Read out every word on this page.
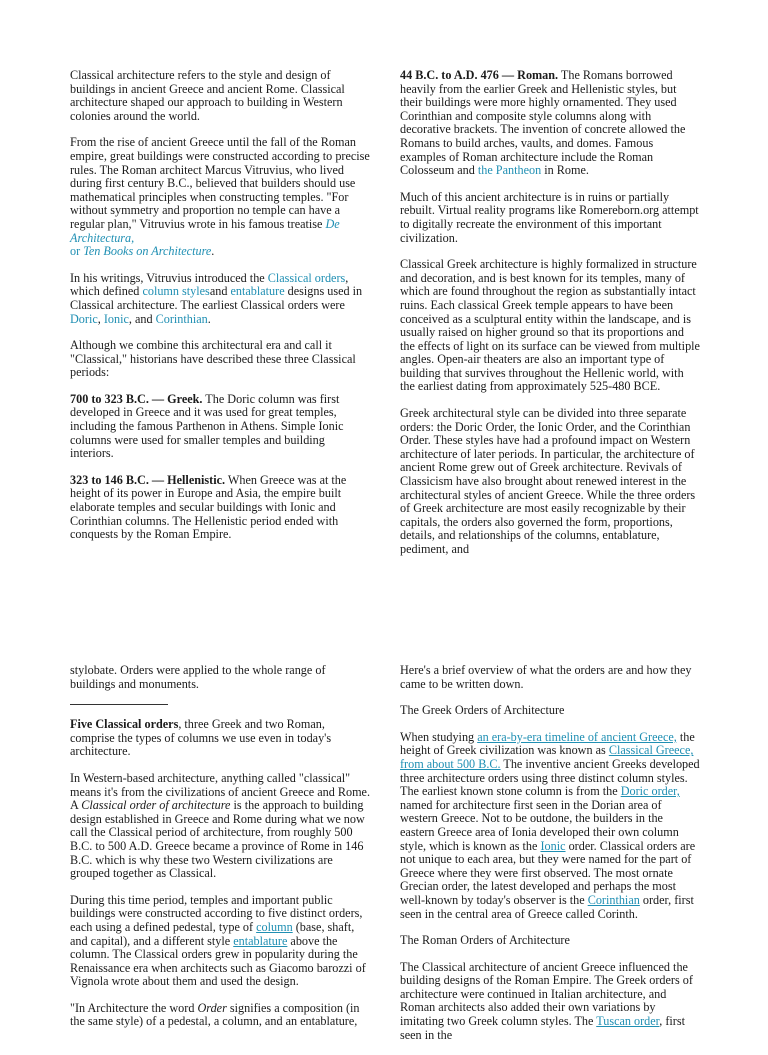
Classical architecture refers to the style and design of buildings in ancient Greece and ancient Rome. Classical architecture shaped our approach to building in Western colonies around the world.

From the rise of ancient Greece until the fall of the Roman empire, great buildings were constructed according to precise rules. The Roman architect Marcus Vitruvius, who lived during first century B.C., believed that builders should use mathematical principles when constructing temples. "For without symmetry and proportion no temple can have a regular plan," Vitruvius wrote in his famous treatise De Architectura,
or Ten Books on Architecture.

In his writings, Vitruvius introduced the Classical orders, which defined column stylesand entablature designs used in Classical architecture. The earliest Classical orders were Doric, Ionic, and Corinthian.

Although we combine this architectural era and call it "Classical," historians have described these three Classical periods:

700 to 323 B.C. — Greek. The Doric column was first developed in Greece and it was used for great temples, including the famous Parthenon in Athens. Simple Ionic columns were used for smaller temples and building interiors.

323 to 146 B.C. — Hellenistic. When Greece was at the height of its power in Europe and Asia, the empire built elaborate temples and secular buildings with Ionic and Corinthian columns. The Hellenistic period ended with conquests by the Roman Empire.

44 B.C. to A.D. 476 — Roman. The Romans borrowed heavily from the earlier Greek and Hellenistic styles, but their buildings were more highly ornamented. They used Corinthian and composite style columns along with decorative brackets. The invention of concrete allowed the Romans to build arches, vaults, and domes. Famous examples of Roman architecture include the Roman Colosseum and the Pantheon in Rome.

Much of this ancient architecture is in ruins or partially rebuilt. Virtual reality programs like Romereborn.org attempt to digitally recreate the environment of this important civilization.

Classical Greek architecture is highly formalized in structure and decoration, and is best known for its temples, many of which are found throughout the region as substantially intact ruins. Each classical Greek temple appears to have been conceived as a sculptural entity within the landscape, and is usually raised on higher ground so that its proportions and the effects of light on its surface can be viewed from multiple angles. Open-air theaters are also an important type of building that survives throughout the Hellenic world, with the earliest dating from approximately 525-480 BCE.

Greek architectural style can be divided into three separate orders: the Doric Order, the Ionic Order, and the Corinthian Order. These styles have had a profound impact on Western architecture of later periods. In particular, the architecture of ancient Rome grew out of Greek architecture. Revivals of Classicism have also brought about renewed interest in the architectural styles of ancient Greece. While the three orders of Greek architecture are most easily recognizable by their capitals, the orders also governed the form, proportions, details, and relationships of the columns, entablature, pediment, and

stylobate. Orders were applied to the whole range of buildings and monuments.

Five Classical orders, three Greek and two Roman, comprise the types of columns we use even in today's architecture.

In Western-based architecture, anything called "classical" means it's from the civilizations of ancient Greece and Rome. A Classical order of architecture is the approach to building design established in Greece and Rome during what we now call the Classical period of architecture, from roughly 500 B.C. to 500 A.D. Greece became a province of Rome in 146 B.C. which is why these two Western civilizations are grouped together as Classical.

During this time period, temples and important public buildings were constructed according to five distinct orders, each using a defined pedestal, type of column (base, shaft, and capital), and a different style entablature above the column. The Classical orders grew in popularity during the Renaissance era when architects such as Giacomo barozzi of Vignola wrote about them and used the design.

"In Architecture the word Order signifies a composition (in the same style) of a pedestal, a column, and an entablature,

Here's a brief overview of what the orders are and how they came to be written down.

The Greek Orders of Architecture

When studying an era-by-era timeline of ancient Greece, the height of Greek civilization was known as Classical Greece, from about 500 B.C. The inventive ancient Greeks developed three architecture orders using three distinct column styles. The earliest known stone column is from the Doric order, named for architecture first seen in the Dorian area of western Greece. Not to be outdone, the builders in the eastern Greece area of Ionia developed their own column style, which is known as the Ionic order. Classical orders are not unique to each area, but they were named for the part of Greece where they were first observed. The most ornate Grecian order, the latest developed and perhaps the most well-known by today's observer is the Corinthian order, first seen in the central area of Greece called Corinth.

The Roman Orders of Architecture

The Classical architecture of ancient Greece influenced the building designs of the Roman Empire. The Greek orders of architecture were continued in Italian architecture, and Roman architects also added their own variations by imitating two Greek column styles. The Tuscan order, first seen in the
